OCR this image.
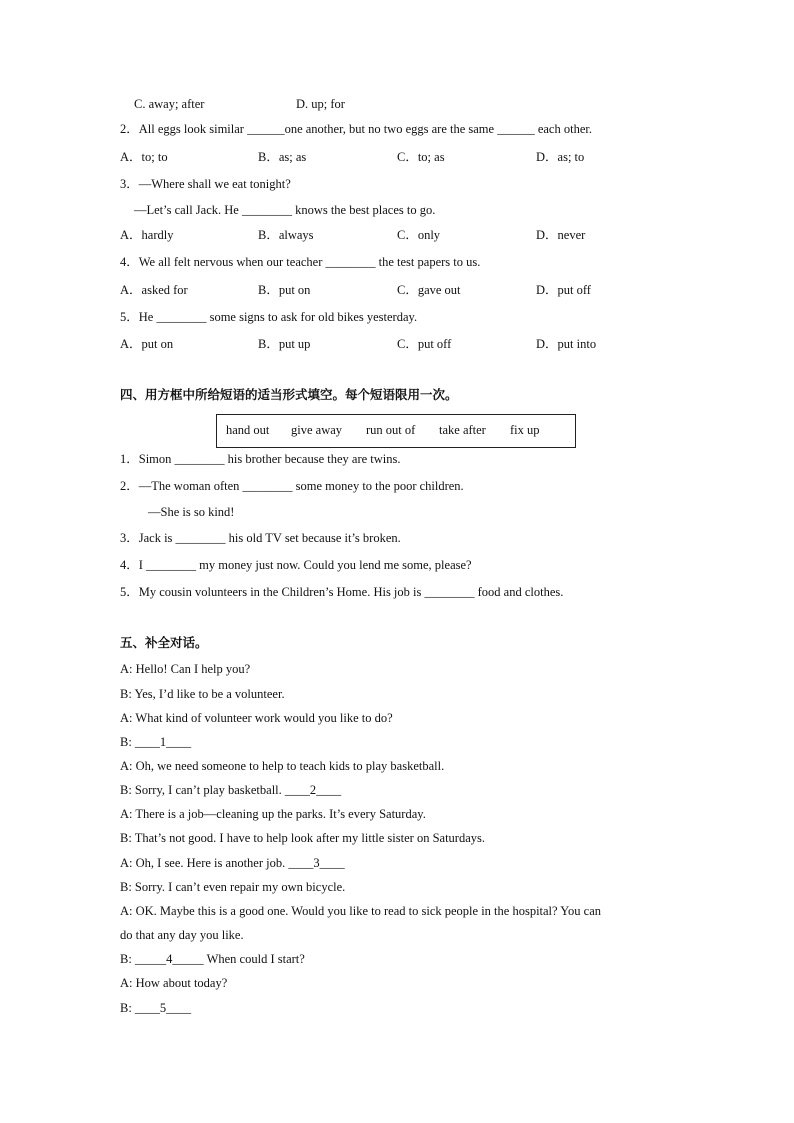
C. away; after	D. up; for
2．All eggs look similar ______one another, but no two eggs are the same ______ each other.
A．to; to	B．as; as	C．to; as	D．as; to
3．—Where shall we eat tonight?
—Let’s call Jack. He ________ knows the best places to go.
A．hardly	B．always	C．only	D．never
4．We all felt nervous when our teacher ________ the test papers to us.
A．asked for	B．put on	C．gave out	D．put off
5．He ________ some signs to ask for old bikes yesterday.
A．put on	B．put up	C．put off	D．put into
四、用方框中所给短语的适当形式填空。每个短语限用一次。
hand out give away run out of take after fix up
1．Simon ________ his brother because they are twins.
2．—The woman often ________ some money to the poor children.
—She is so kind!
3．Jack is ________ his old TV set because it’s broken.
4．I ________ my money just now. Could you lend me some, please?
5．My cousin volunteers in the Children’s Home. His job is ________ food and clothes.
五、补全对话。
A: Hello! Can I help you?
B: Yes, I’d like to be a volunteer.
A: What kind of volunteer work would you like to do?
B: ____1____
A: Oh, we need someone to help to teach kids to play basketball.
B: Sorry, I can’t play basketball. ____2____
A: There is a job—cleaning up the parks. It’s every Saturday.
B: That’s not good. I have to help look after my little sister on Saturdays.
A: Oh, I see. Here is another job. ____3____
B: Sorry. I can’t even repair my own bicycle.
A: OK. Maybe this is a good one. Would you like to read to sick people in the hospital? You can
do that any day you like.
B: _____4_____ When could I start?
A: How about today?
B: ____5____
